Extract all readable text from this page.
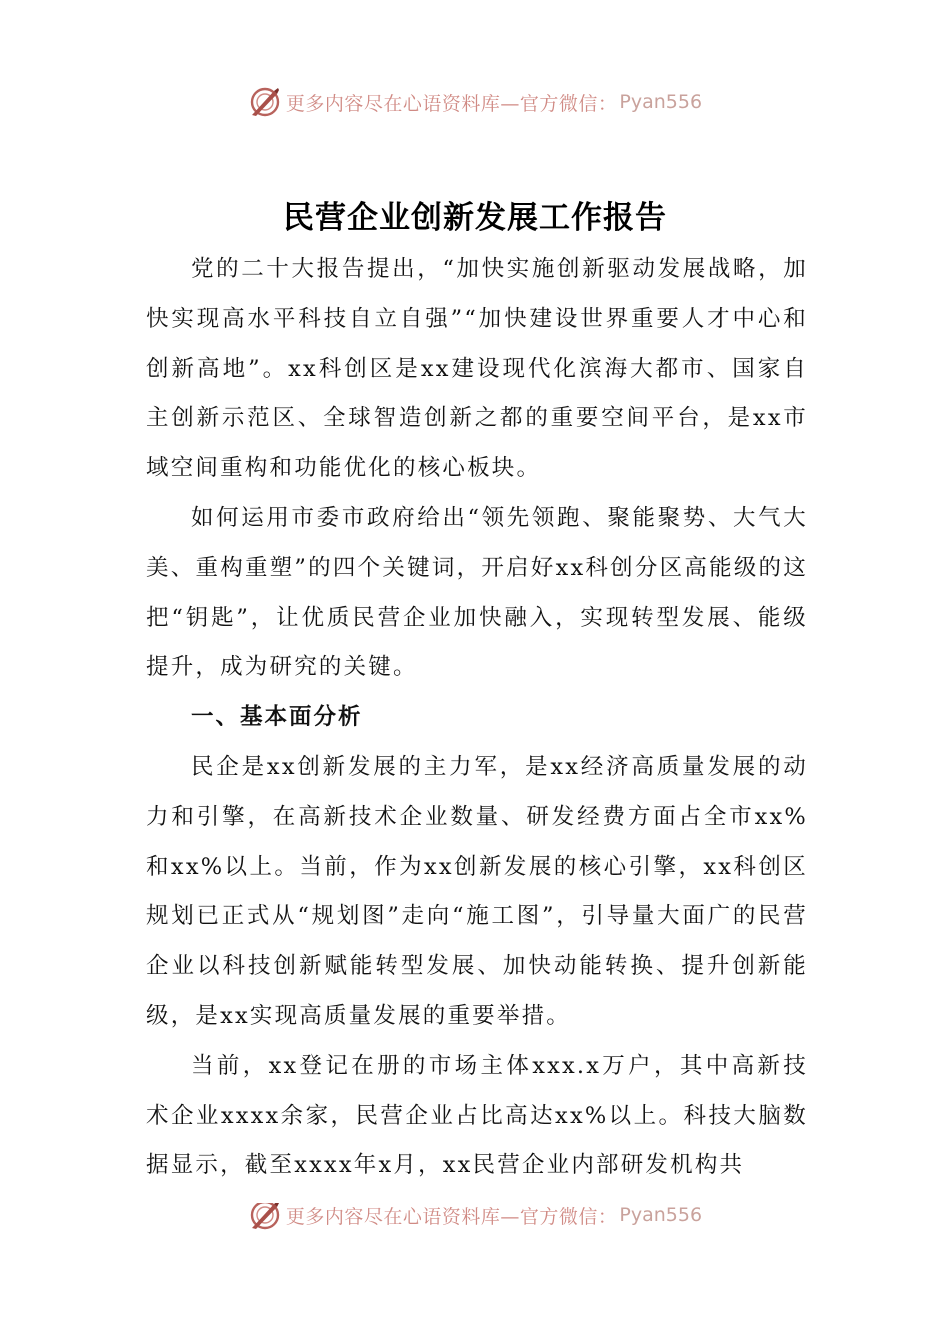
更多内容尽在心语资料库—官方微信： Pyan556
民营企业创新发展工作报告

党的二十大报告提出，“加快实施创新驱动发展战略，加快实现高水平科技自立自强”“加快建设世界重要人才中心和创新高地”。xx科创区是xx建设现代化滨海大都市、国家自主创新示范区、全球智造创新之都的重要空间平台，是xx市域空间重构和功能优化的核心板块。

如何运用市委市政府给出“领先领跑、聚能聚势、大气大美、重构重塑”的四个关键词，开启好xx科创分区高能级的这把“钥匙”，让优质民营企业加快融入，实现转型发展、能级提升，成为研究的关键。

一、基本面分析

民企是xx创新发展的主力军，是xx经济高质量发展的动力和引擎，在高新技术企业数量、研发经费方面占全市xx%和xx%以上。当前，作为xx创新发展的核心引擎，xx科创区规划已正式从“规划图”走向“施工图”，引导量大面广的民营企业以科技创新赋能转型发展、加快动能转换、提升创新能级，是xx实现高质量发展的重要举措。

当前，xx登记在册的市场主体xxx.x万户，其中高新技术企业xxxx余家，民营企业占比高达xx%以上。科技大脑数据显示，截至xxxx年x月，xx民营企业内部研发机构共

更多内容尽在心语资料库—官方微信： Pyan556
